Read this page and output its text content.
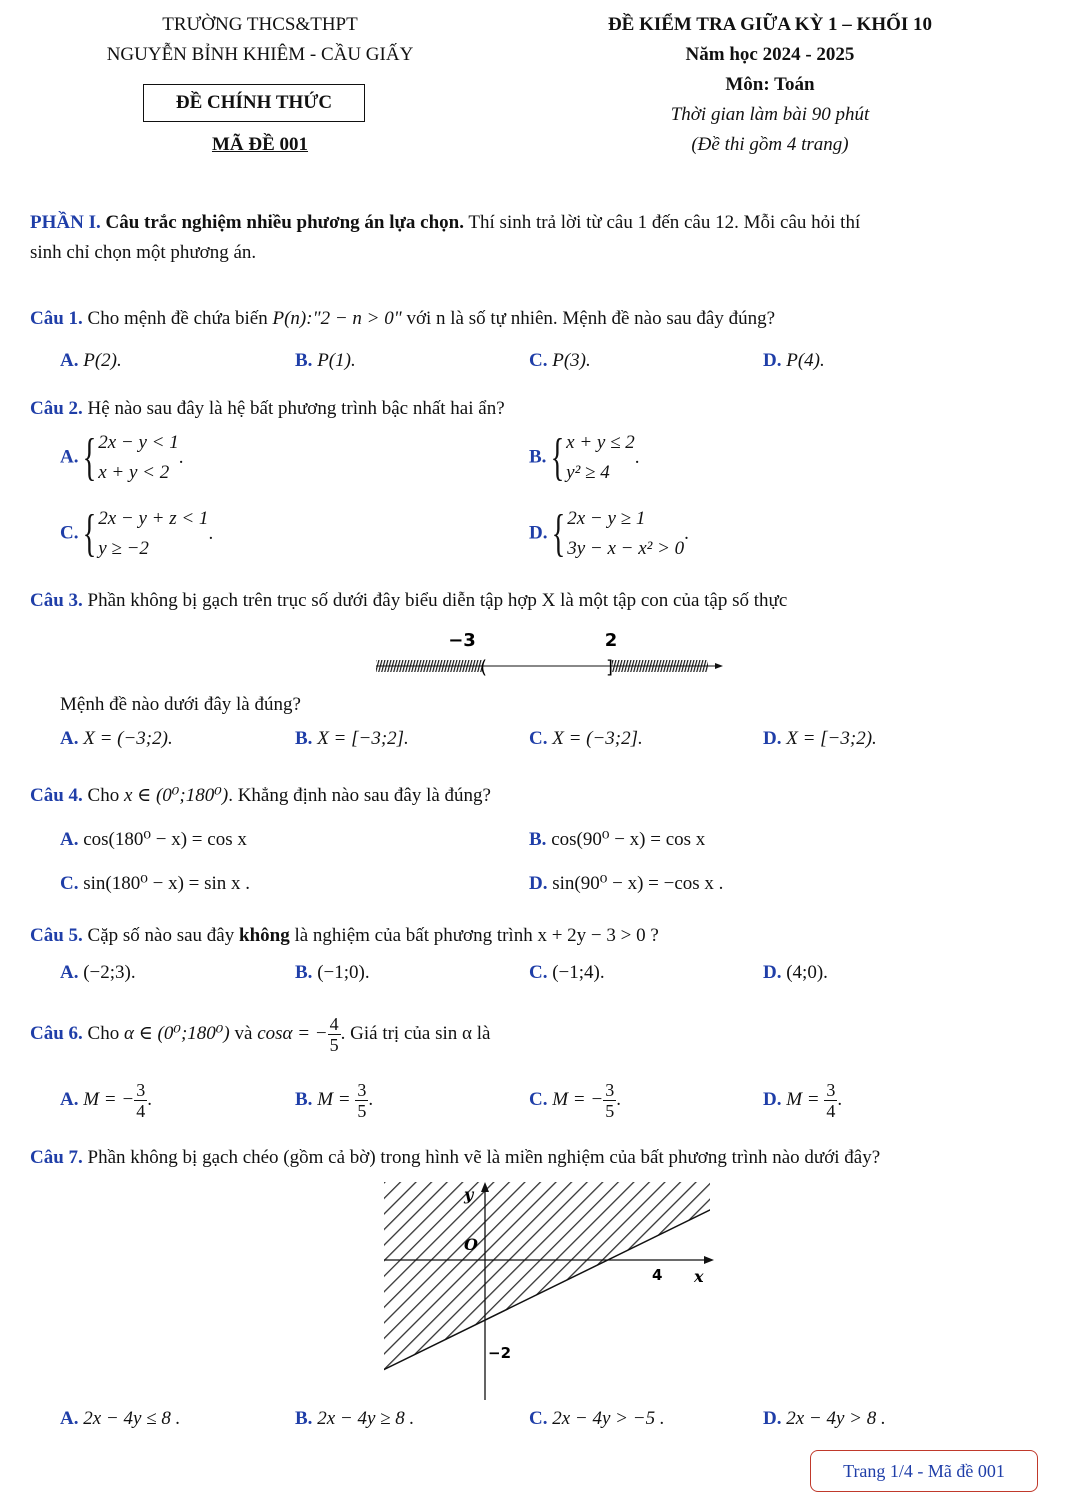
TRƯỜNG THCS&THPT
NGUYỄN BỈNH KHIÊM - CẦU GIẤY
ĐỀ CHÍNH THỨC
MÃ ĐỀ 001
ĐỀ KIỂM TRA GIỮA KỲ 1 – KHỐI 10
Năm học 2024 - 2025
Môn: Toán
Thời gian làm bài 90 phút
(Đề thi gồm 4 trang)
PHẦN I. Câu trắc nghiệm nhiều phương án lựa chọn. Thí sinh trả lời từ câu 1 đến câu 12. Mỗi câu hỏi thí
sinh chỉ chọn một phương án.
Câu 1. Cho mệnh đề chứa biến P(n):"2 − n > 0" với n là số tự nhiên. Mệnh đề nào sau đây đúng?
A. P(2).	B. P(1).	C. P(3).	D. P(4).
Câu 2. Hệ nào sau đây là hệ bất phương trình bậc nhất hai ẩn?
A. { 2x − y < 1
x + y < 2
.	B. { x + y ≤ 2
y² ≥ 4
.
C. { 2x − y + z < 1
y ≥ −2
.	D. { 2x − y ≥ 1
3y − x − x² > 0
.
Câu 3. Phần không bị gạch trên trục số dưới đây biểu diễn tập hợp X là một tập con của tập số thực
−3	2
(	]
Mệnh đề nào dưới đây là đúng?
A. X = (−3;2).	B. X = [−3;2].	C. X = (−3;2].	D. X = [−3;2).
Câu 4. Cho x ∈ (0⁰;180⁰). Khẳng định nào sau đây là đúng?
A. cos(180⁰ − x) = cos x	B. cos(90⁰ − x) = cos x
C. sin(180⁰ − x) = sin x .	D. sin(90⁰ − x) = −cos x .
Câu 5. Cặp số nào sau đây không là nghiệm của bất phương trình x + 2y − 3 > 0 ?
A. (−2;3).	B. (−1;0).	C. (−1;4).	D. (4;0).
Câu 6. Cho α ∈ (0⁰;180⁰) và cosα = − $\frac{4}{5}$ . Giá trị của sin α là
A. M = − $\frac{3}{4}$ .	B. $M = \frac{3}{5}$ .	C. M = − $\frac{3}{5}$ .	D. $M = \frac{3}{4}$ .
Câu 7. Phần không bị gạch chéo (gồm cả bờ) trong hình vẽ là miền nghiệm của bất phương trình nào dưới đây?
y
O
4 x
−2
A. 2x − 4y ≤ 8 .	B. 2x − 4y ≥ 8 .	C. 2x − 4y > −5 .	D. 2x − 4y > 8 .
Trang 1/4 - Mã đề 001
